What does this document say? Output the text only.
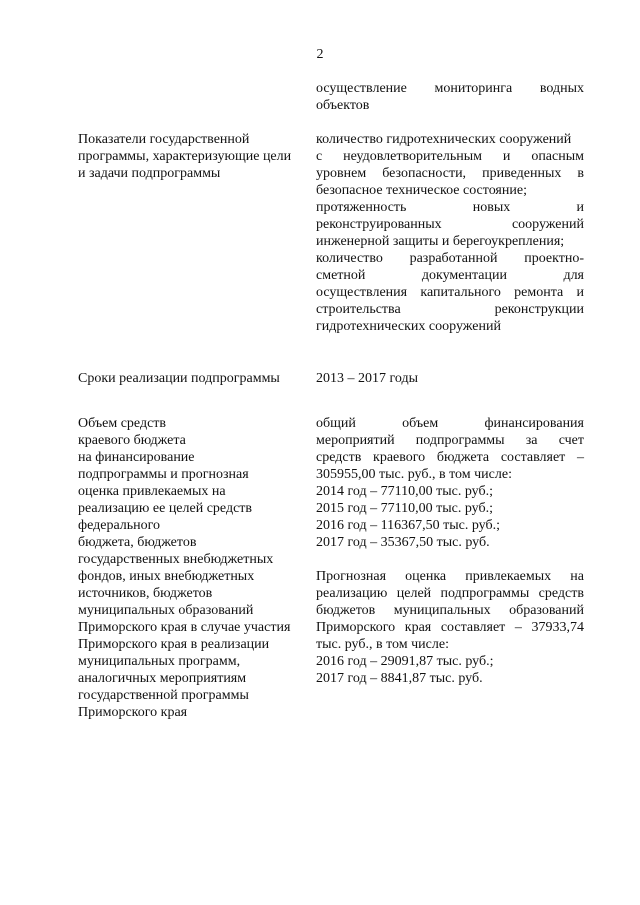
2
осуществление мониторинга водных
объектов
Показатели государственной
программы, характеризующие цели
и задачи подпрограммы
количество гидротехнических сооружений
с неудовлетворительным и опасным
уровнем безопасности, приведенных в
безопасное техническое состояние;
протяженность новых и
реконструированных сооружений
инженерной защиты и берегоукрепления;
количество разработанной проектно-
сметной документации для
осуществления капитального ремонта и
строительства реконструкции
гидротехнических сооружений
Сроки реализации подпрограммы	2013 – 2017 годы
Объем средств
краевого бюджета
на финансирование
подпрограммы и прогнозная
оценка привлекаемых на
реализацию ее целей средств
федерального
бюджета, бюджетов
государственных внебюджетных
фондов, иных внебюджетных
источников, бюджетов
муниципальных образований
Приморского края в случае участия
Приморского края в реализации
муниципальных программ,
аналогичных мероприятиям
государственной программы
Приморского края
общий объем финансирования
мероприятий подпрограммы за счет
средств краевого бюджета составляет –
305955,00 тыс. руб., в том числе:
2014 год – 77110,00 тыс. руб.;
2015 год – 77110,00 тыс. руб.;
2016 год – 116367,50 тыс. руб.;
2017 год – 35367,50 тыс. руб.
Прогнозная оценка привлекаемых на
реализацию целей подпрограммы средств
бюджетов муниципальных образований
Приморского края составляет – 37933,74
тыс. руб., в том числе:
2016 год – 29091,87 тыс. руб.;
2017 год – 8841,87 тыс. руб.
